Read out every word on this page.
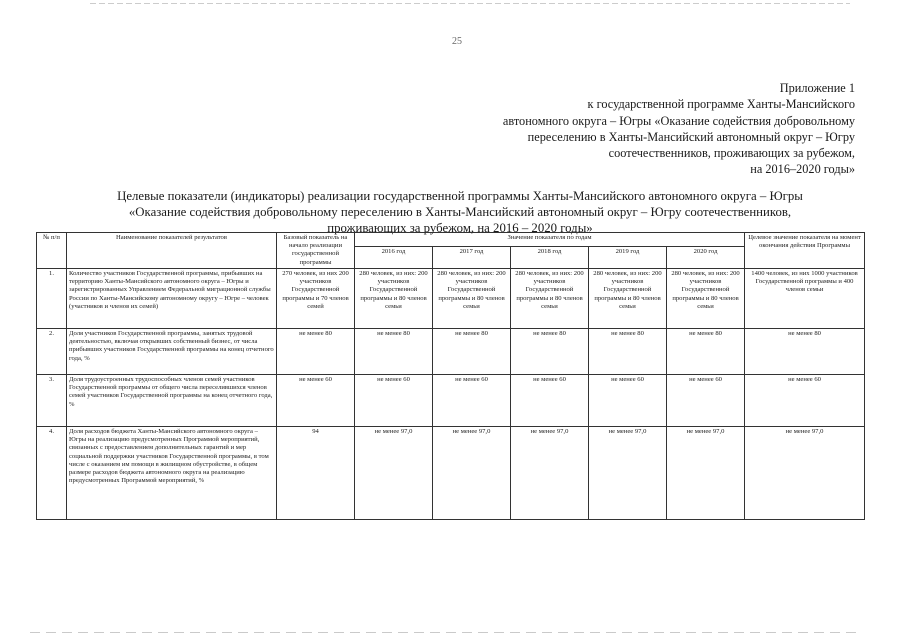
25
Приложение 1
к государственной программе Ханты-Мансийского
автономного округа – Югры «Оказание содействия добровольному
переселению в Ханты-Мансийский автономный округ – Югру
соотечественников, проживающих за рубежом,
на 2016–2020 годы»
Целевые показатели (индикаторы) реализации государственной программы Ханты-Мансийского автономного округа – Югры
«Оказание содействия добровольному переселению в Ханты-Мансийский автономный округ – Югру соотечественников,
проживающих за рубежом, на 2016 – 2020 годы»
№ п/п	Наименование показателей результатов	Базовый показатель на начало реализации государственной программы	Значение показателя по годам					Целевое значение показателя на момент окончания действия Программы
			2016 год	2017 год	2018 год	2019 год	2020 год	
1.	Количество участников Государственной программы, прибывших на территорию Ханты-Мансийского автономного округа – Югры и зарегистрированных Управлением Федеральной миграционной службы России по Ханты-Мансийскому автономному округу – Югре – человек (участников и членов их семей)	270 человек, из них 200 участников Государственной программы и 70 членов семей	280 человек, из них: 200 участников Государственной программы и 80 членов семьи	280 человек, из них: 200 участников Государственной программы и 80 членов семьи	280 человек, из них: 200 участников Государственной программы и 80 членов семьи	280 человек, из них: 200 участников Государственной программы и 80 членов семьи	280 человек, из них: 200 участников Государственной программы и 80 членов семьи	1400 человек, из них 1000 участников Государственной программы и 400 членов семьи
2.	Доля участников Государственной программы, занятых трудовой деятельностью, включая открывших собственный бизнес, от числа прибывших участников Государственной программы на конец отчетного года, %	не менее 80	не менее 80	не менее 80	не менее 80	не менее 80	не менее 80	не менее 80
3.	Доля трудоустроенных трудоспособных членов семей участников Государственной программы от общего числа переселившихся членов семей участников Государственной программы на конец отчетного года, %	не менее 60	не менее 60	не менее 60	не менее 60	не менее 60	не менее 60	не менее 60
4.	Доля расходов бюджета Ханты-Мансийского автономного округа – Югры на реализацию предусмотренных Программой мероприятий, связанных с предоставлением дополнительных гарантий и мер социальной поддержки участников Государственной программы, в том числе с оказанием им помощи в жилищном обустройстве, в общем размере расходов бюджета автономного округа на реализацию предусмотренных Программой мероприятий, %	94	не менее 97,0	не менее 97,0	не менее 97,0	не менее 97,0	не менее 97,0	не менее 97,0
